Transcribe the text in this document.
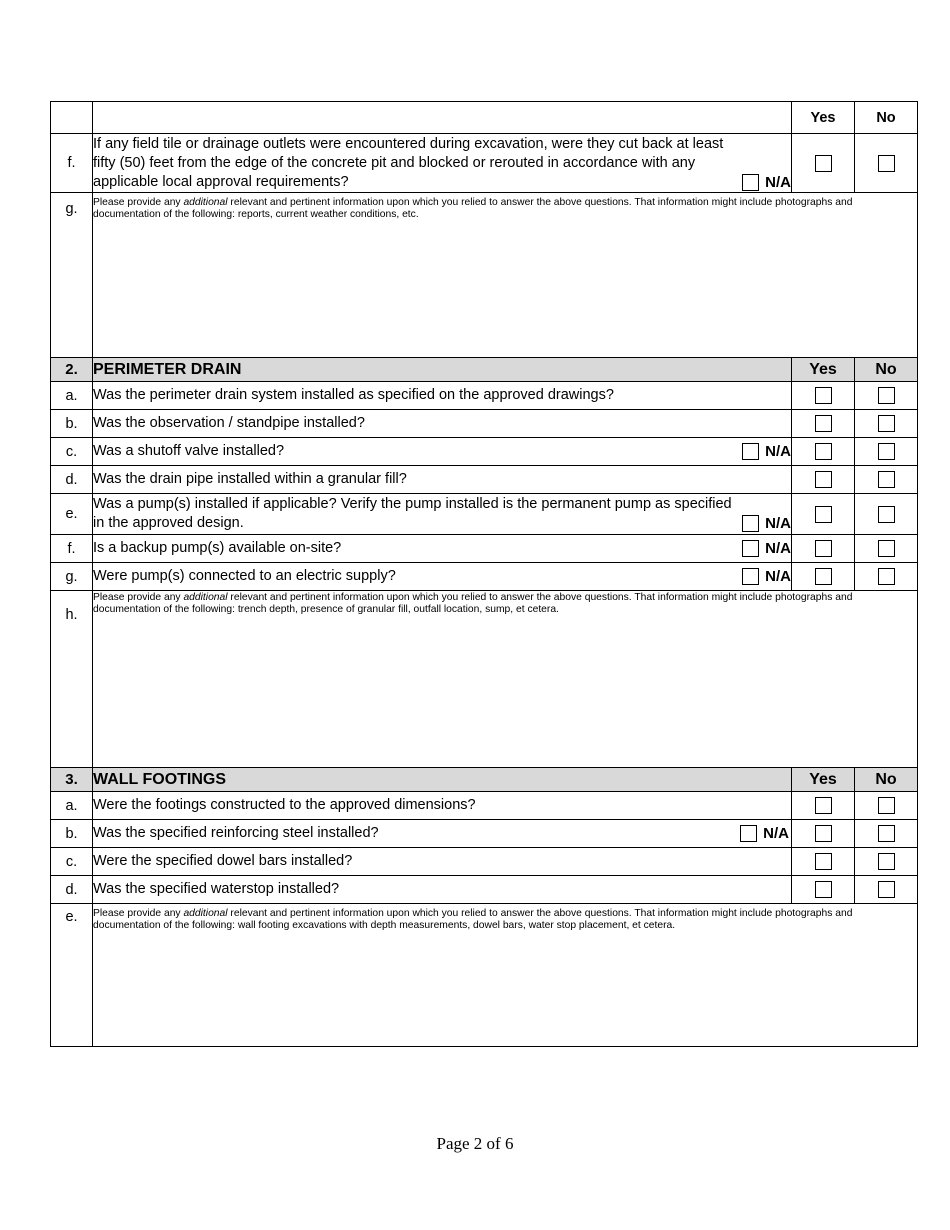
		Yes	No
f.	If any field tile or drainage outlets were encountered during excavation, were they cut back at least fifty (50) feet from the edge of the concrete pit and blocked or rerouted in accordance with any applicable local approval requirements? N/A		

g.	Please provide any additional relevant and pertinent information upon which you relied to answer the above questions. That information might include photographs and documentation of the following: reports, current weather conditions, etc.		

2.	PERIMETER DRAIN	Yes	No
a.	Was the perimeter drain system installed as specified on the approved drawings?		
b.	Was the observation / standpipe installed?		
c.	Was a shutoff valve installed? N/A		

d.	Was the drain pipe installed within a granular fill?		
e.	Was a pump(s) installed if applicable? Verify the pump installed is the permanent pump as specified in the approved design. N/A		

f.	Is a backup pump(s) available on-site? N/A		

g.	Were pump(s) connected to an electric supply? N/A		

h.	Please provide any additional relevant and pertinent information upon which you relied to answer the above questions. That information might include photographs and documentation of the following: trench depth, presence of granular fill, outfall location, sump, et cetera.		

3.	WALL FOOTINGS	Yes	No
a.	Were the footings constructed to the approved dimensions?		
b.	Was the specified reinforcing steel installed? N/A		

c.	Were the specified dowel bars installed?		
d.	Was the specified waterstop installed?		
e.	Please provide any additional relevant and pertinent information upon which you relied to answer the above questions. That information might include photographs and documentation of the following: wall footing excavations with depth measurements, dowel bars, water stop placement, et cetera.		
Page 2 of 6
